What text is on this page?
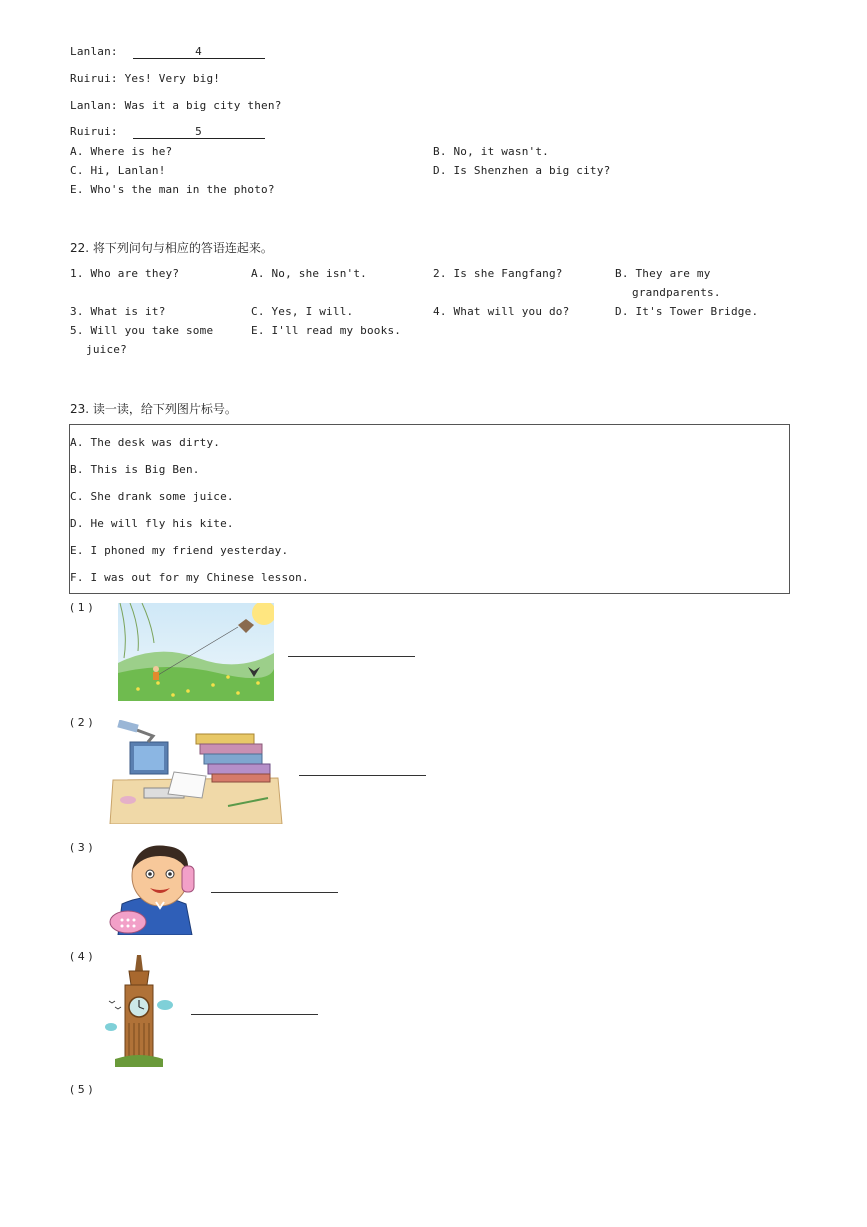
Lanlan:	4
Ruirui: Yes! Very big!
Lanlan: Was it a big city then?
Ruirui:	5
A. Where is he?	B. No, it wasn't.
C. Hi, Lanlan!	D. Is Shenzhen a big city?
E. Who's the man in the photo?
22. 将下列问句与相应的答语连起来。
1. Who are they?	A. No, she isn't.	2. Is she Fangfang?	B. They are my
grandparents.
3. What is it?	C. Yes, I will.	4. What will you do?	D. It's Tower Bridge.
5. Will you take some	E. I'll read my books.
juice?
23. 读一读，给下列图片标号。
A. The desk was dirty.
B. This is Big Ben.
C. She drank some juice.
D. He will fly his kite.
E. I phoned my friend yesterday.
F. I was out for my Chinese lesson.
( 1 )
( 2 )
( 3 )
( 4 )
( 5 )
